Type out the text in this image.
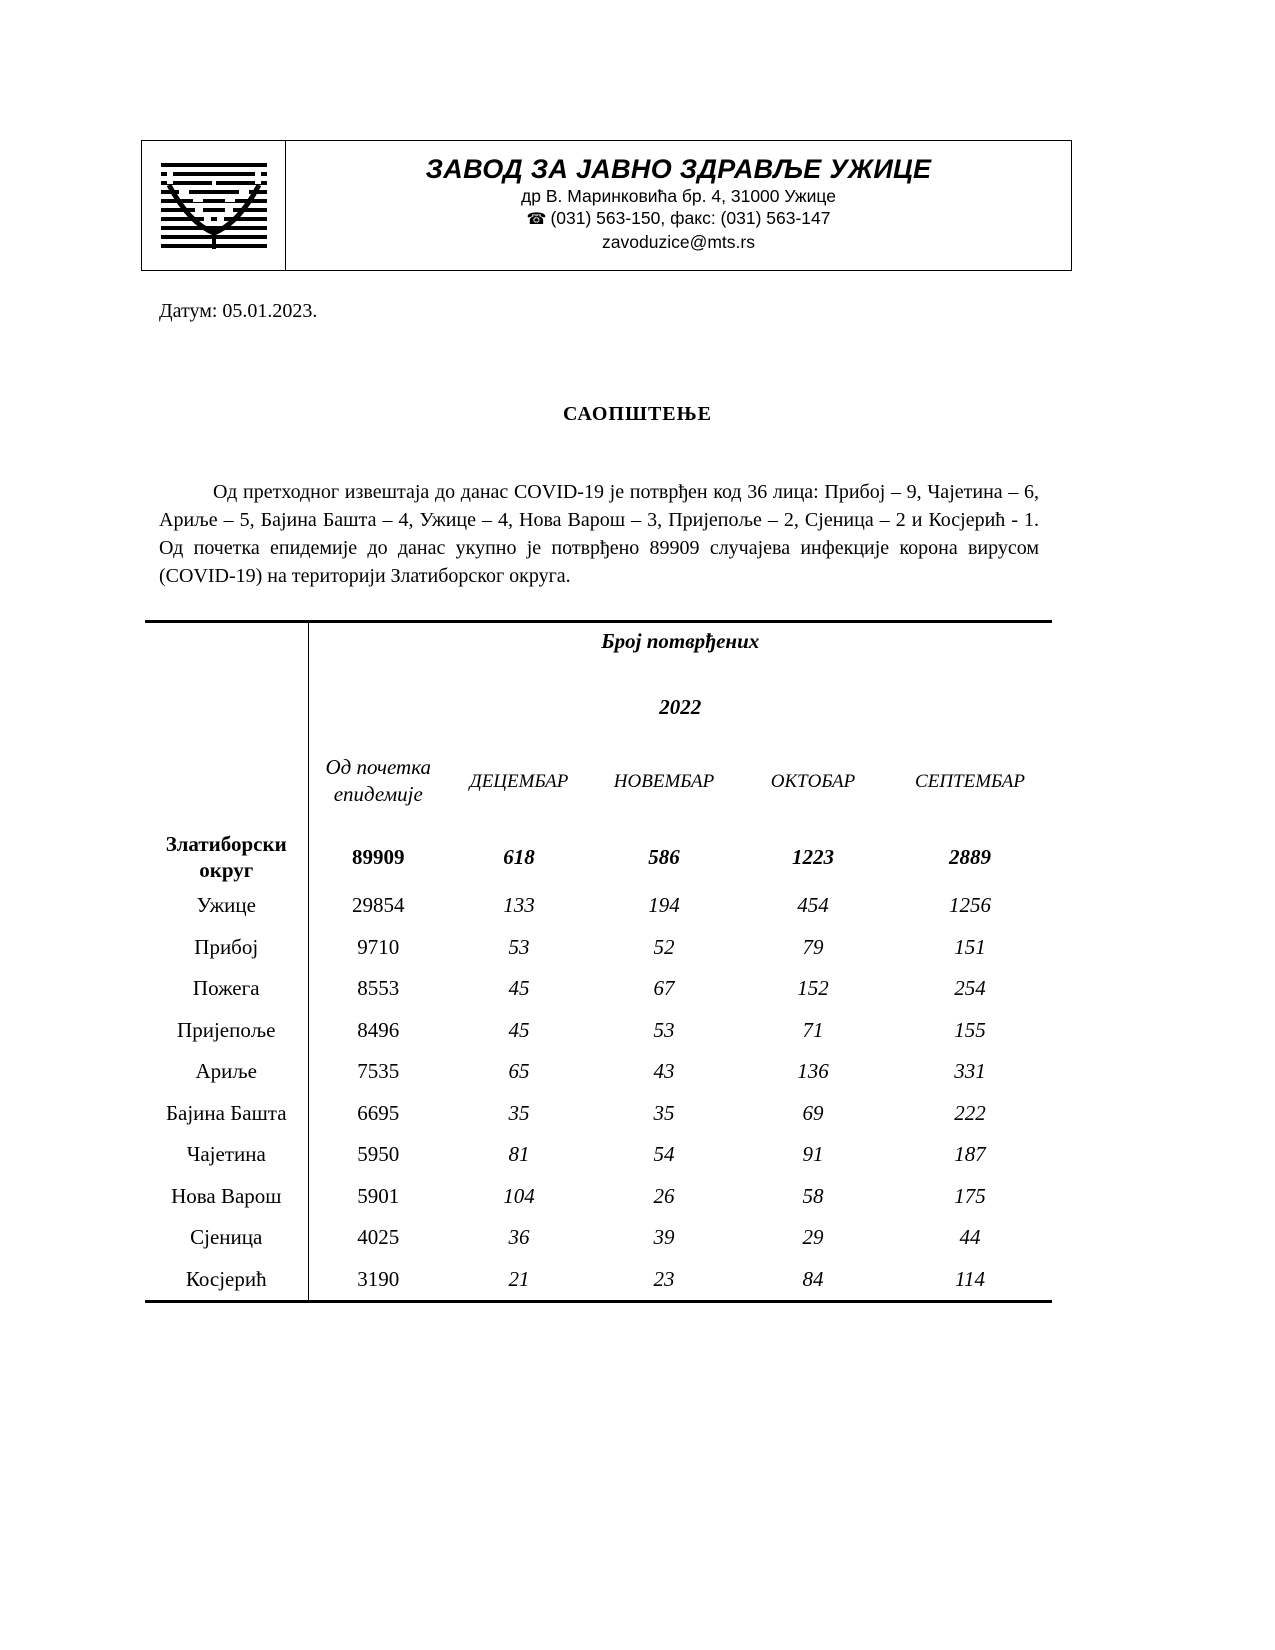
ЗАВОД ЗА ЈАВНО ЗДРАВЉЕ УЖИЦЕ
др В. Маринковића бр. 4, 31000 Ужице
☎ (031) 563-150, факс: (031) 563-147
zavoduzice@mts.rs
Датум: 05.01.2023.
САОПШТЕЊЕ
Од претходног извештаја до данас COVID-19 је потврђен код 36 лица: Прибој – 9, Чајетина – 6, Ариље – 5, Бајина Башта – 4, Ужице – 4, Нова Варош – 3, Пријепоље – 2, Сјеница – 2 и Косјерић - 1. Од почетка епидемије до данас укупно је потврђено 89909 случајева инфекције корона вирусом (COVID-19) на територији Златиборског округа.
	Број потврђених				
	2022				
	Од почетка епидемије	ДЕЦЕМБАР	НОВЕМБАР	ОКТОБАР	СЕПТЕМБАР
Златиборски округ	89909	618	586	1223	2889
Ужице	29854	133	194	454	1256
Прибој	9710	53	52	79	151
Пожега	8553	45	67	152	254
Пријепоље	8496	45	53	71	155
Ариље	7535	65	43	136	331
Бајина Башта	6695	35	35	69	222
Чајетина	5950	81	54	91	187
Нова Варош	5901	104	26	58	175
Сјеница	4025	36	39	29	44
Косјерић	3190	21	23	84	114
